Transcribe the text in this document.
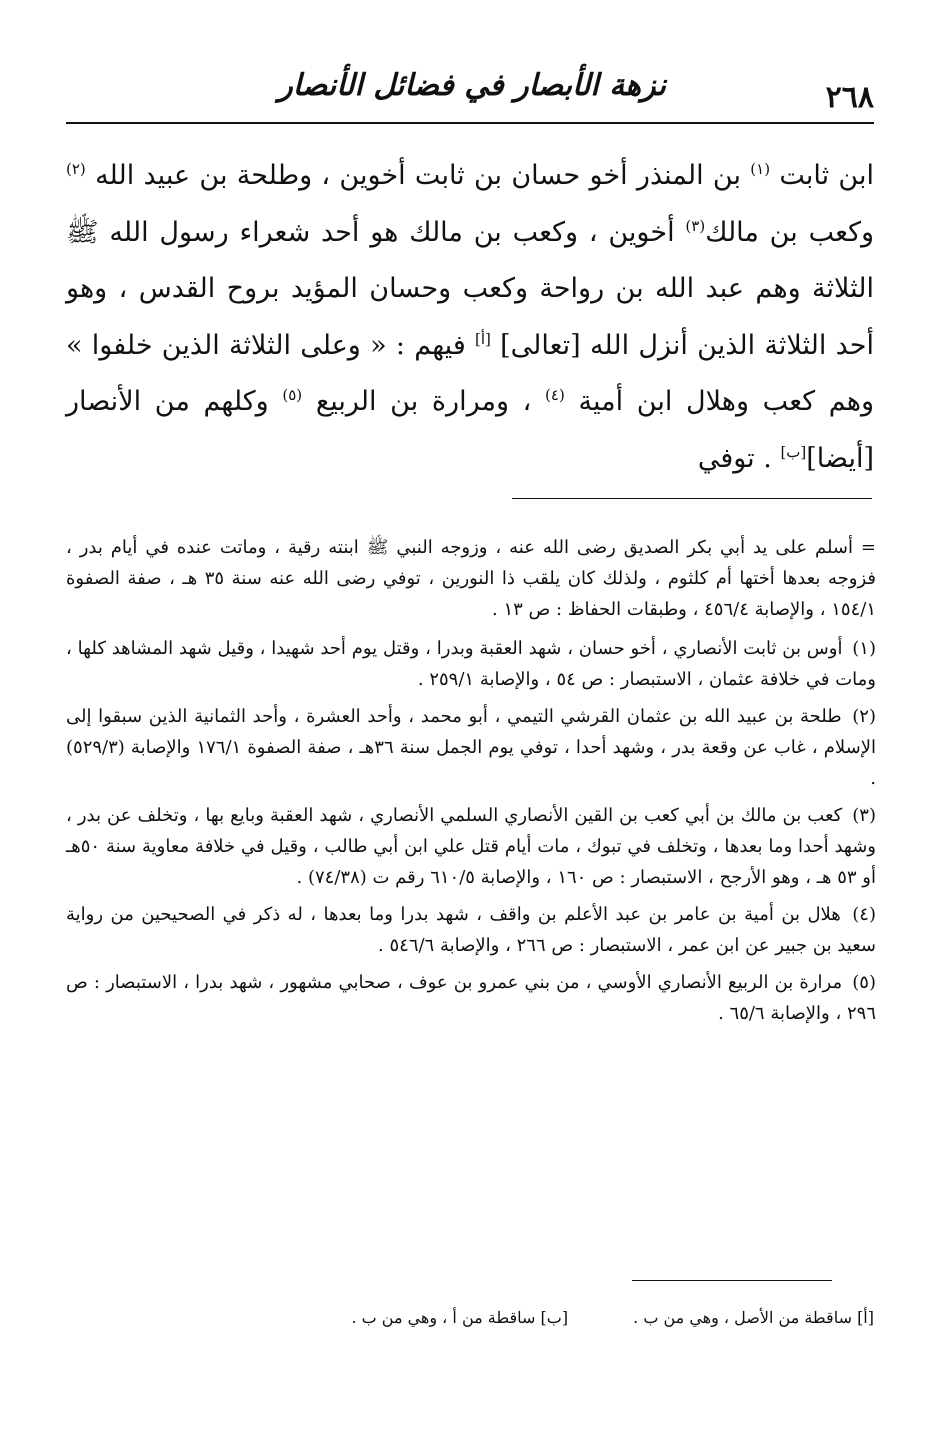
٢٦٨
نزهة الأبصار في فضائل الأنصار

ابن ثابت $^{(١)}$ بن المنذر أخو حسان بن ثابت أخوين ، وطلحة بن عبيد الله $^{(٢)}$ وكعب بن مالك$^{(٣)}$ أخوين ، وكعب بن مالك هو أحد شعراء رسول الله ﷺ الثلاثة وهم عبد الله بن رواحة وكعب وحسان المؤيد بروح القدس ، وهو أحد الثلاثة الذين أنزل الله [تعالى] [أ] فيهم : « وعلى الثلاثة الذين خلفوا » وهم كعب وهلال ابن أمية $^{(٤)}$ ، ومرارة بن الربيع $^{(٥)}$ وكلهم من الأنصار [أيضا][ب] . توفي

= أسلم على يد أبي بكر الصديق رضى الله عنه ، وزوجه النبي ﷺ ابنته رقية ، وماتت عنده في أيام بدر ، فزوجه بعدها أختها أم كلثوم ، ولذلك كان يلقب ذا النورين ، توفي رضى الله عنه سنة ٣٥ هـ ، صفة الصفوة ١٥٤/١ ، والإصابة ٤٥٦/٤ ، وطبقات الحفاظ : ص ١٣ .

(١) أوس بن ثابت الأنصاري ، أخو حسان ، شهد العقبة وبدرا ، وقتل يوم أحد شهيدا ، وقيل شهد المشاهد كلها ، ومات في خلافة عثمان ، الاستبصار : ص ٥٤ ، والإصابة ٢٥٩/١ .

(٢) طلحة بن عبيد الله بن عثمان القرشي التيمي ، أبو محمد ، وأحد العشرة ، وأحد الثمانية الذين سبقوا إلى الإسلام ، غاب عن وقعة بدر ، وشهد أحدا ، توفي يوم الجمل سنة ٣٦هـ ، صفة الصفوة ١٧٦/١ والإصابة (٥٢٩/٣) .

(٣) كعب بن مالك بن أبي كعب بن القين الأنصاري السلمي الأنصاري ، شهد العقبة وبايع بها ، وتخلف عن بدر ، وشهد أحدا وما بعدها ، وتخلف في تبوك ، مات أيام قتل علي ابن أبي طالب ، وقيل في خلافة معاوية سنة ٥٠هـ أو ٥٣ هـ ، وهو الأرجح ، الاستبصار : ص ١٦٠ ، والإصابة ٦١٠/٥ رقم ت (٧٤/٣٨) .

(٤) هلال بن أمية بن عامر بن عبد الأعلم بن واقف ، شهد بدرا وما بعدها ، له ذكر في الصحيحين من رواية سعيد بن جبير عن ابن عمر ، الاستبصار : ص ٢٦٦ ، والإصابة ٥٤٦/٦ .

(٥) مرارة بن الربيع الأنصاري الأوسي ، من بني عمرو بن عوف ، صحابي مشهور ، شهد بدرا ، الاستبصار : ص ٢٩٦ ، والإصابة ٦٥/٦ .

[أ] ساقطة من الأصل ، وهي من ب . [ب] ساقطة من أ ، وهي من ب .
